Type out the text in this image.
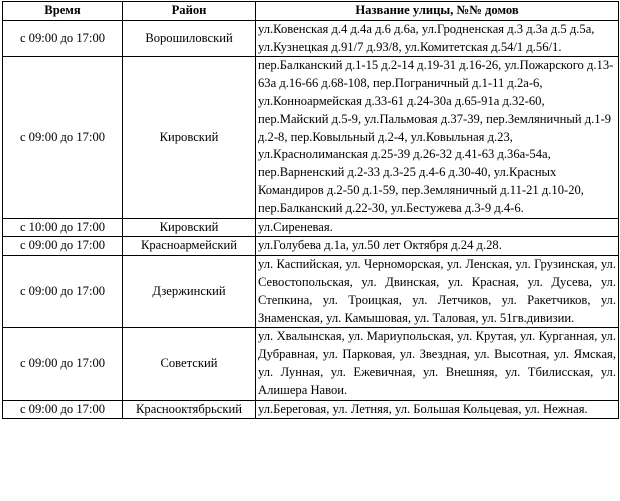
Время	Район	Название улицы, №№ домов
с 09:00 до 17:00	Ворошиловский	ул.Ковенская д.4 д.4а д.6 д.6а, ул.Гродненская д.3 д.3а д.5 д.5а, ул.Кузнецкая д.91/7 д.93/8, ул.Комитетская д.54/1 д.56/1.
с 09:00 до 17:00	Кировский	пер.Балканский д.1-15 д.2-14 д.19-31 д.16-26, ул.Пожарского д.13-63а д.16-66 д.68-108, пер.Пограничный д.1-11 д.2а-6, ул.Конноармейская д.33-61 д.24-30а д.65-91а д.32-60, пер.Майский д.5-9, ул.Пальмовая д.37-39, пер.Земляничный д.1-9 д.2-8, пер.Ковыльный д.2-4, ул.Ковыльная д.23, ул.Краснолиманская д.25-39 д.26-32 д.41-63 д.36а-54а, пер.Варненский д.2-33 д.3-25 д.4-6 д.30-40, ул.Красных Командиров д.2-50 д.1-59, пер.Земляничный д.11-21 д.10-20, пер.Балканский д.22-30, ул.Бестужева д.3-9 д.4-6.
с 10:00 до 17:00	Кировский	ул.Сиреневая.
с 09:00 до 17:00	Красноармейский	ул.Голубева д.1а, ул.50 лет Октября д.24 д.28.
с 09:00 до 17:00	Дзержинский	ул. Каспийская, ул. Черноморская, ул. Ленская, ул. Грузинская, ул. Севостопольская, ул. Двинская, ул. Красная, ул. Дусева, ул. Степкина, ул. Троицкая, ул. Летчиков, ул. Ракетчиков, ул. Знаменская, ул. Камышовая, ул. Таловая, ул. 51гв.дивизии.
с 09:00 до 17:00	Советский	ул. Хвалынская, ул. Мариупольская, ул. Крутая, ул. Курганная, ул. Дубравная, ул. Парковая, ул. Звездная, ул. Высотная, ул. Ямская, ул. Лунная, ул. Ежевичная, ул. Внешняя, ул. Тбилисская, ул. Алишера Навои.
с 09:00 до 17:00	Краснооктябрьский	ул.Береговая, ул. Летняя, ул. Большая Кольцевая, ул. Нежная.
